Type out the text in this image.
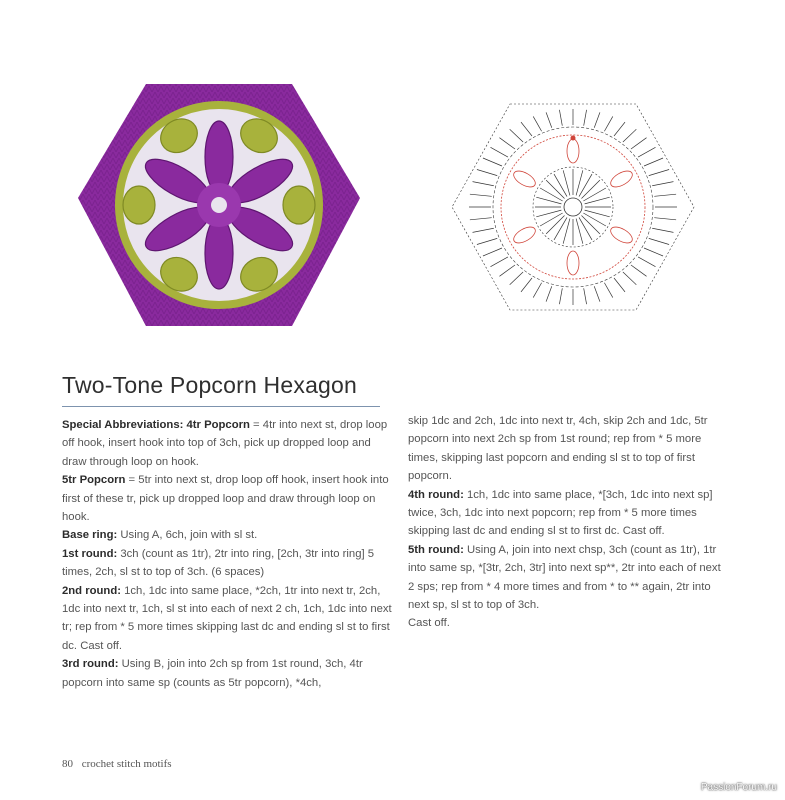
Two-Tone Popcorn Hexagon

Special Abbreviations: 4tr Popcorn = 4tr into next st, drop loop off hook, insert hook into top of 3ch, pick up dropped loop and draw through loop on hook.

5tr Popcorn = 5tr into next st, drop loop off hook, insert hook into first of these tr, pick up dropped loop and draw through loop on hook.

Base ring: Using A, 6ch, join with sl st.

1st round: 3ch (count as 1tr), 2tr into ring, [2ch, 3tr into ring] 5 times, 2ch, sl st to top of 3ch. (6 spaces)

2nd round: 1ch, 1dc into same place, *2ch, 1tr into next tr, 2ch, 1dc into next tr, 1ch, sl st into each of next 2 ch, 1ch, 1dc into next tr; rep from * 5 more times skipping last dc and ending sl st to first dc. Cast off.

3rd round: Using B, join into 2ch sp from 1st round, 3ch, 4tr popcorn into same sp (counts as 5tr popcorn), *4ch,

skip 1dc and 2ch, 1dc into next tr, 4ch, skip 2ch and 1dc, 5tr popcorn into next 2ch sp from 1st round; rep from * 5 more times, skipping last popcorn and ending sl st to top of first popcorn.

4th round: 1ch, 1dc into same place, *[3ch, 1dc into next sp] twice, 3ch, 1dc into next popcorn; rep from * 5 more times skipping last dc and ending sl st to first dc. Cast off.

5th round: Using A, join into next chsp, 3ch (count as 1tr), 1tr into same sp, *[3tr, 2ch, 3tr] into next sp**, 2tr into each of next 2 sps; rep from * 4 more times and from * to ** again, 2tr into next sp, sl st to top of 3ch.

Cast off.

80 crochet stitch motifs
PassionForum.ru
